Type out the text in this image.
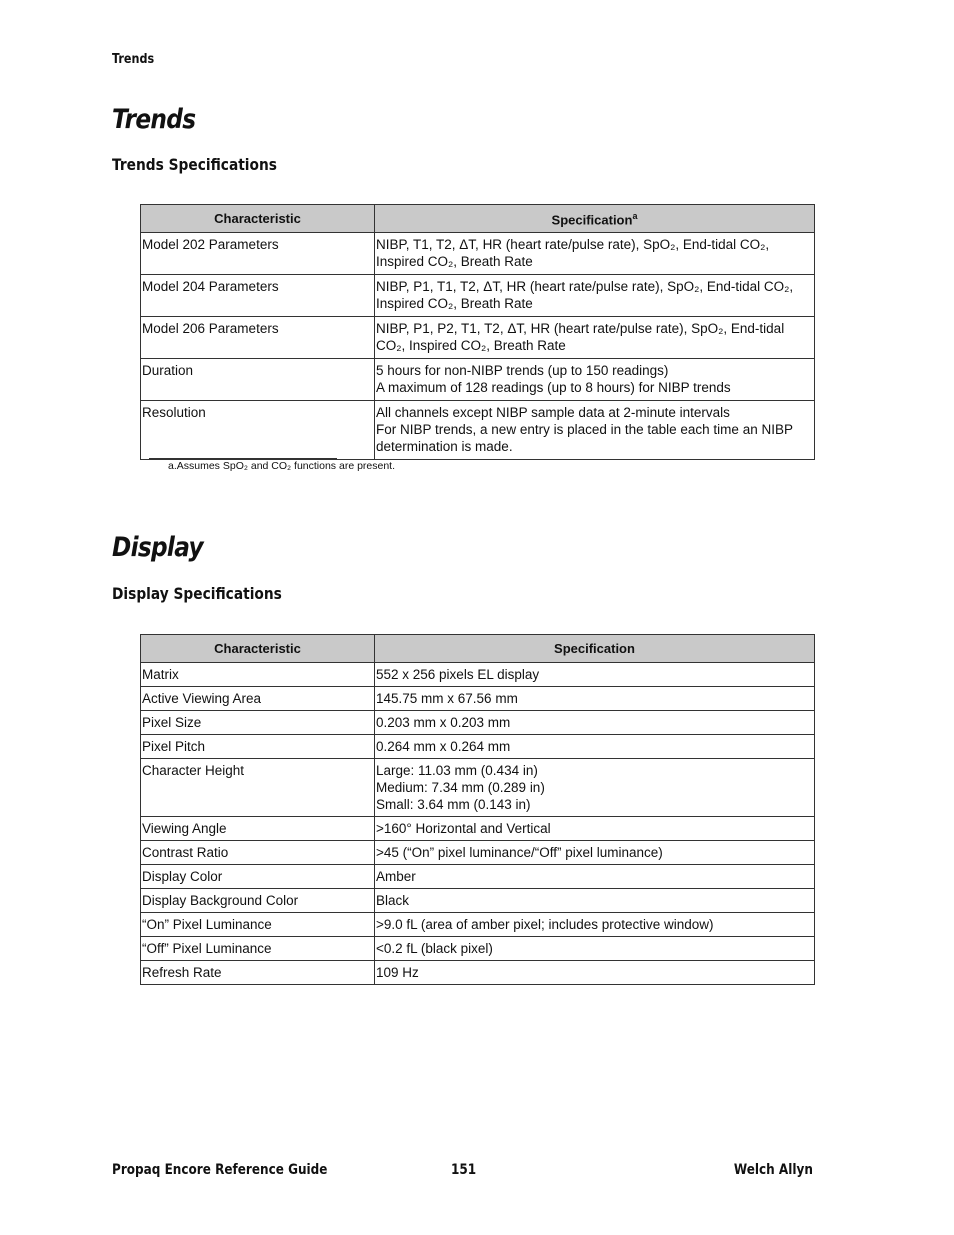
Trends
Trends
Trends Specifications
Characteristic	Specification$^a$
Model 202 Parameters	NIBP, T1, T2, ΔT, HR (heart rate/pulse rate), SpO₂, End-tidal CO₂, Inspired CO₂, Breath Rate
Model 204 Parameters	NIBP, P1, T1, T2, ΔT, HR (heart rate/pulse rate), SpO₂, End-tidal CO₂, Inspired CO₂, Breath Rate
Model 206 Parameters	NIBP, P1, P2, T1, T2, ΔT, HR (heart rate/pulse rate), SpO₂, End-tidal CO₂, Inspired CO₂, Breath Rate
Duration	5 hours for non-NIBP trends (up to 150 readings)
A maximum of 128 readings (up to 8 hours) for NIBP trends

Resolution	All channels except NIBP sample data at 2-minute intervals
For NIBP trends, a new entry is placed in the table each time an NIBP determination is made.
a.Assumes SpO₂ and CO₂ functions are present.
Display
Display Specifications
Characteristic	Specification
Matrix	552 x 256 pixels EL display
Active Viewing Area	145.75 mm x 67.56 mm
Pixel Size	0.203 mm x 0.203 mm
Pixel Pitch	0.264 mm x 0.264 mm
Character Height	Large: 11.03 mm (0.434 in)
Medium: 7.34 mm (0.289 in)
Small: 3.64 mm (0.143 in)

Viewing Angle	>160° Horizontal and Vertical
Contrast Ratio	>45 (“On” pixel luminance/“Off” pixel luminance)
Display Color	Amber
Display Background Color	Black
“On” Pixel Luminance	>9.0 fL (area of amber pixel; includes protective window)
“Off” Pixel Luminance	<0.2 fL (black pixel)
Refresh Rate	109 Hz
Propaq Encore Reference Guide	151	Welch Allyn
